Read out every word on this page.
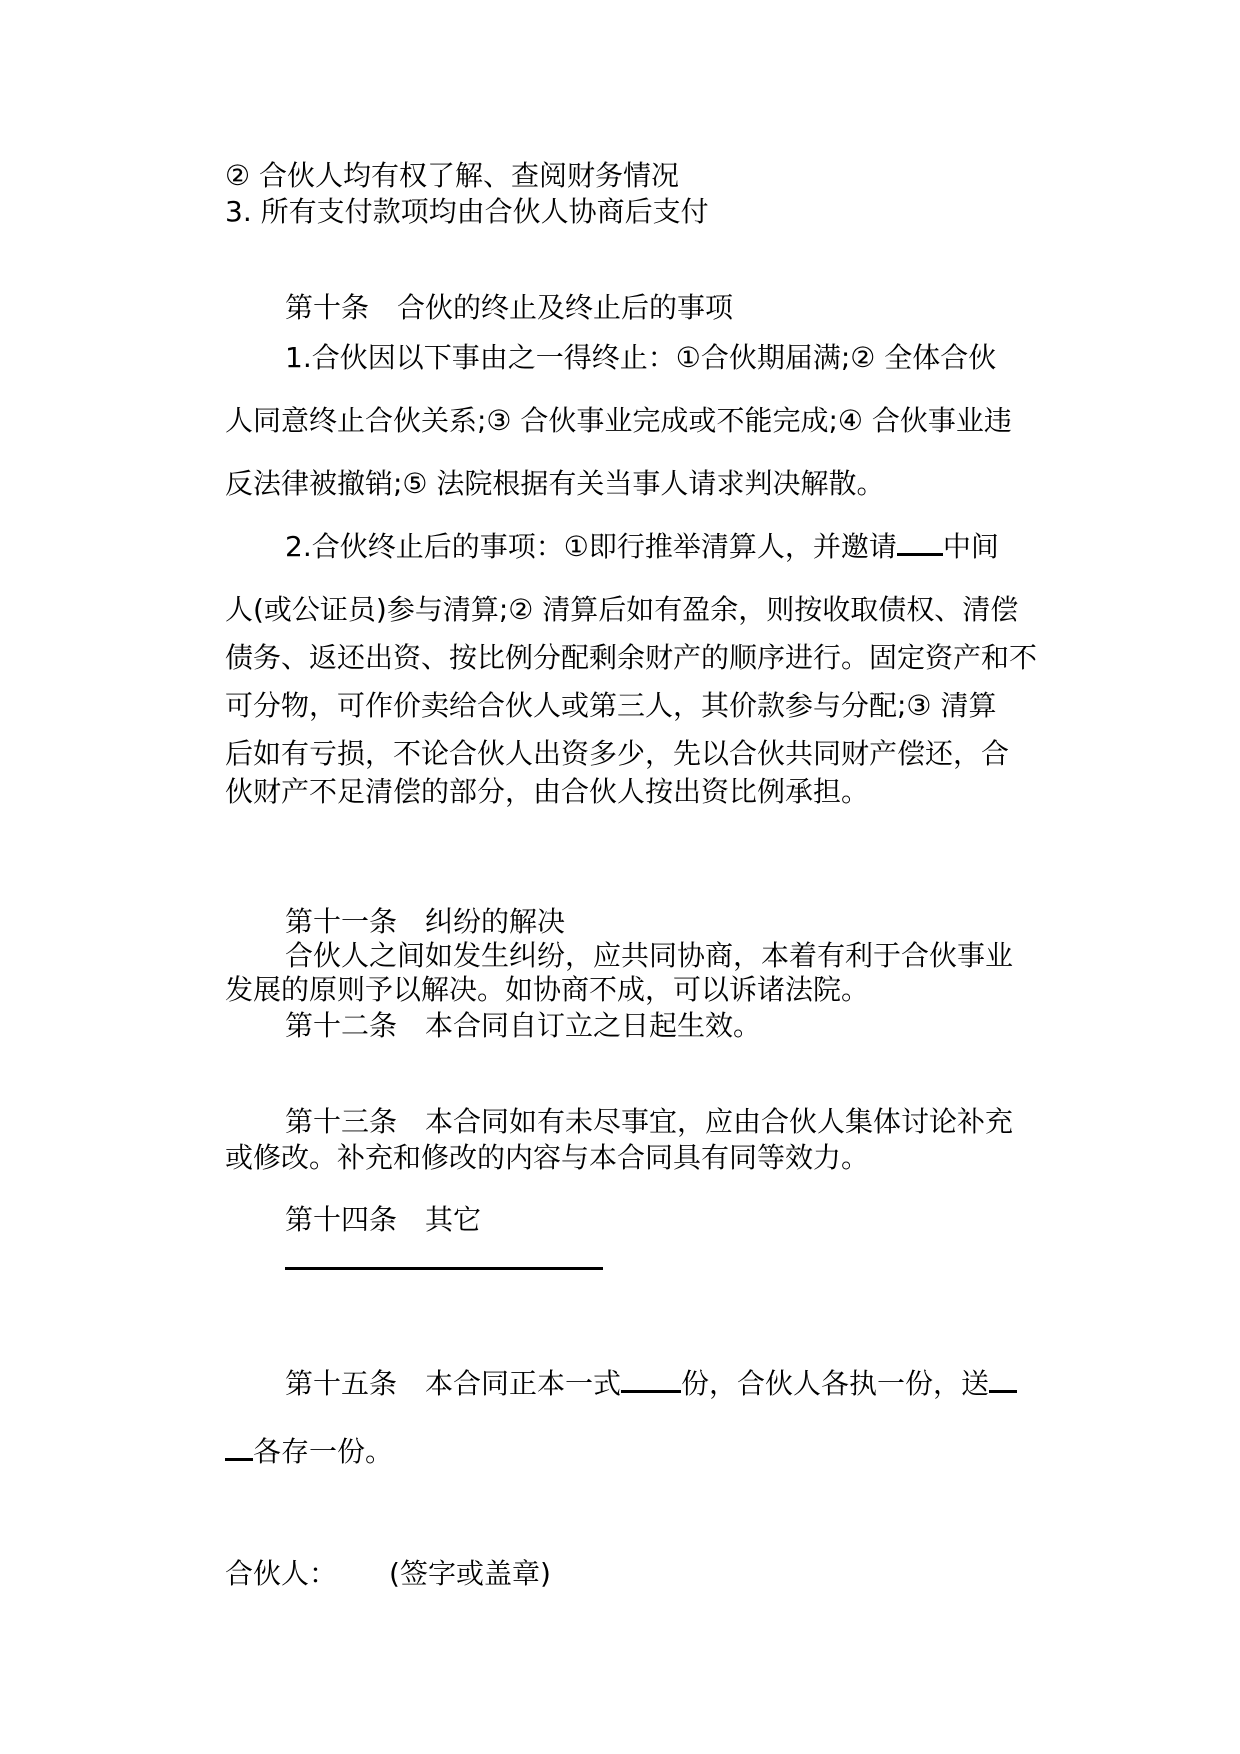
② 合伙人均有权了解、查阅财务情况
3. 所有支付款项均由合伙人协商后支付
第十条　合伙的终止及终止后的事项
1.合伙因以下事由之一得终止：①合伙期届满;② 全体合伙
人同意终止合伙关系;③ 合伙事业完成或不能完成;④ 合伙事业违
反法律被撤销;⑤ 法院根据有关当事人请求判决解散。
2.合伙终止后的事项：①即行推举清算人，并邀请 中间
人(或公证员)参与清算;② 清算后如有盈余，则按收取债权、清偿
债务、返还出资、按比例分配剩余财产的顺序进行。固定资产和不
可分物，可作价卖给合伙人或第三人，其价款参与分配;③ 清算
后如有亏损，不论合伙人出资多少，先以合伙共同财产偿还，合
伙财产不足清偿的部分，由合伙人按出资比例承担。
第十一条　纠纷的解决
合伙人之间如发生纠纷，应共同协商，本着有利于合伙事业
发展的原则予以解决。如协商不成，可以诉诸法院。
第十二条　本合同自订立之日起生效。
第十三条　本合同如有未尽事宜，应由合伙人集体讨论补充
或修改。补充和修改的内容与本合同具有同等效力。
第十四条　其它
第十五条　本合同正本一式 份，合伙人各执一份，送
各存一份。
合伙人： (签字或盖章)
